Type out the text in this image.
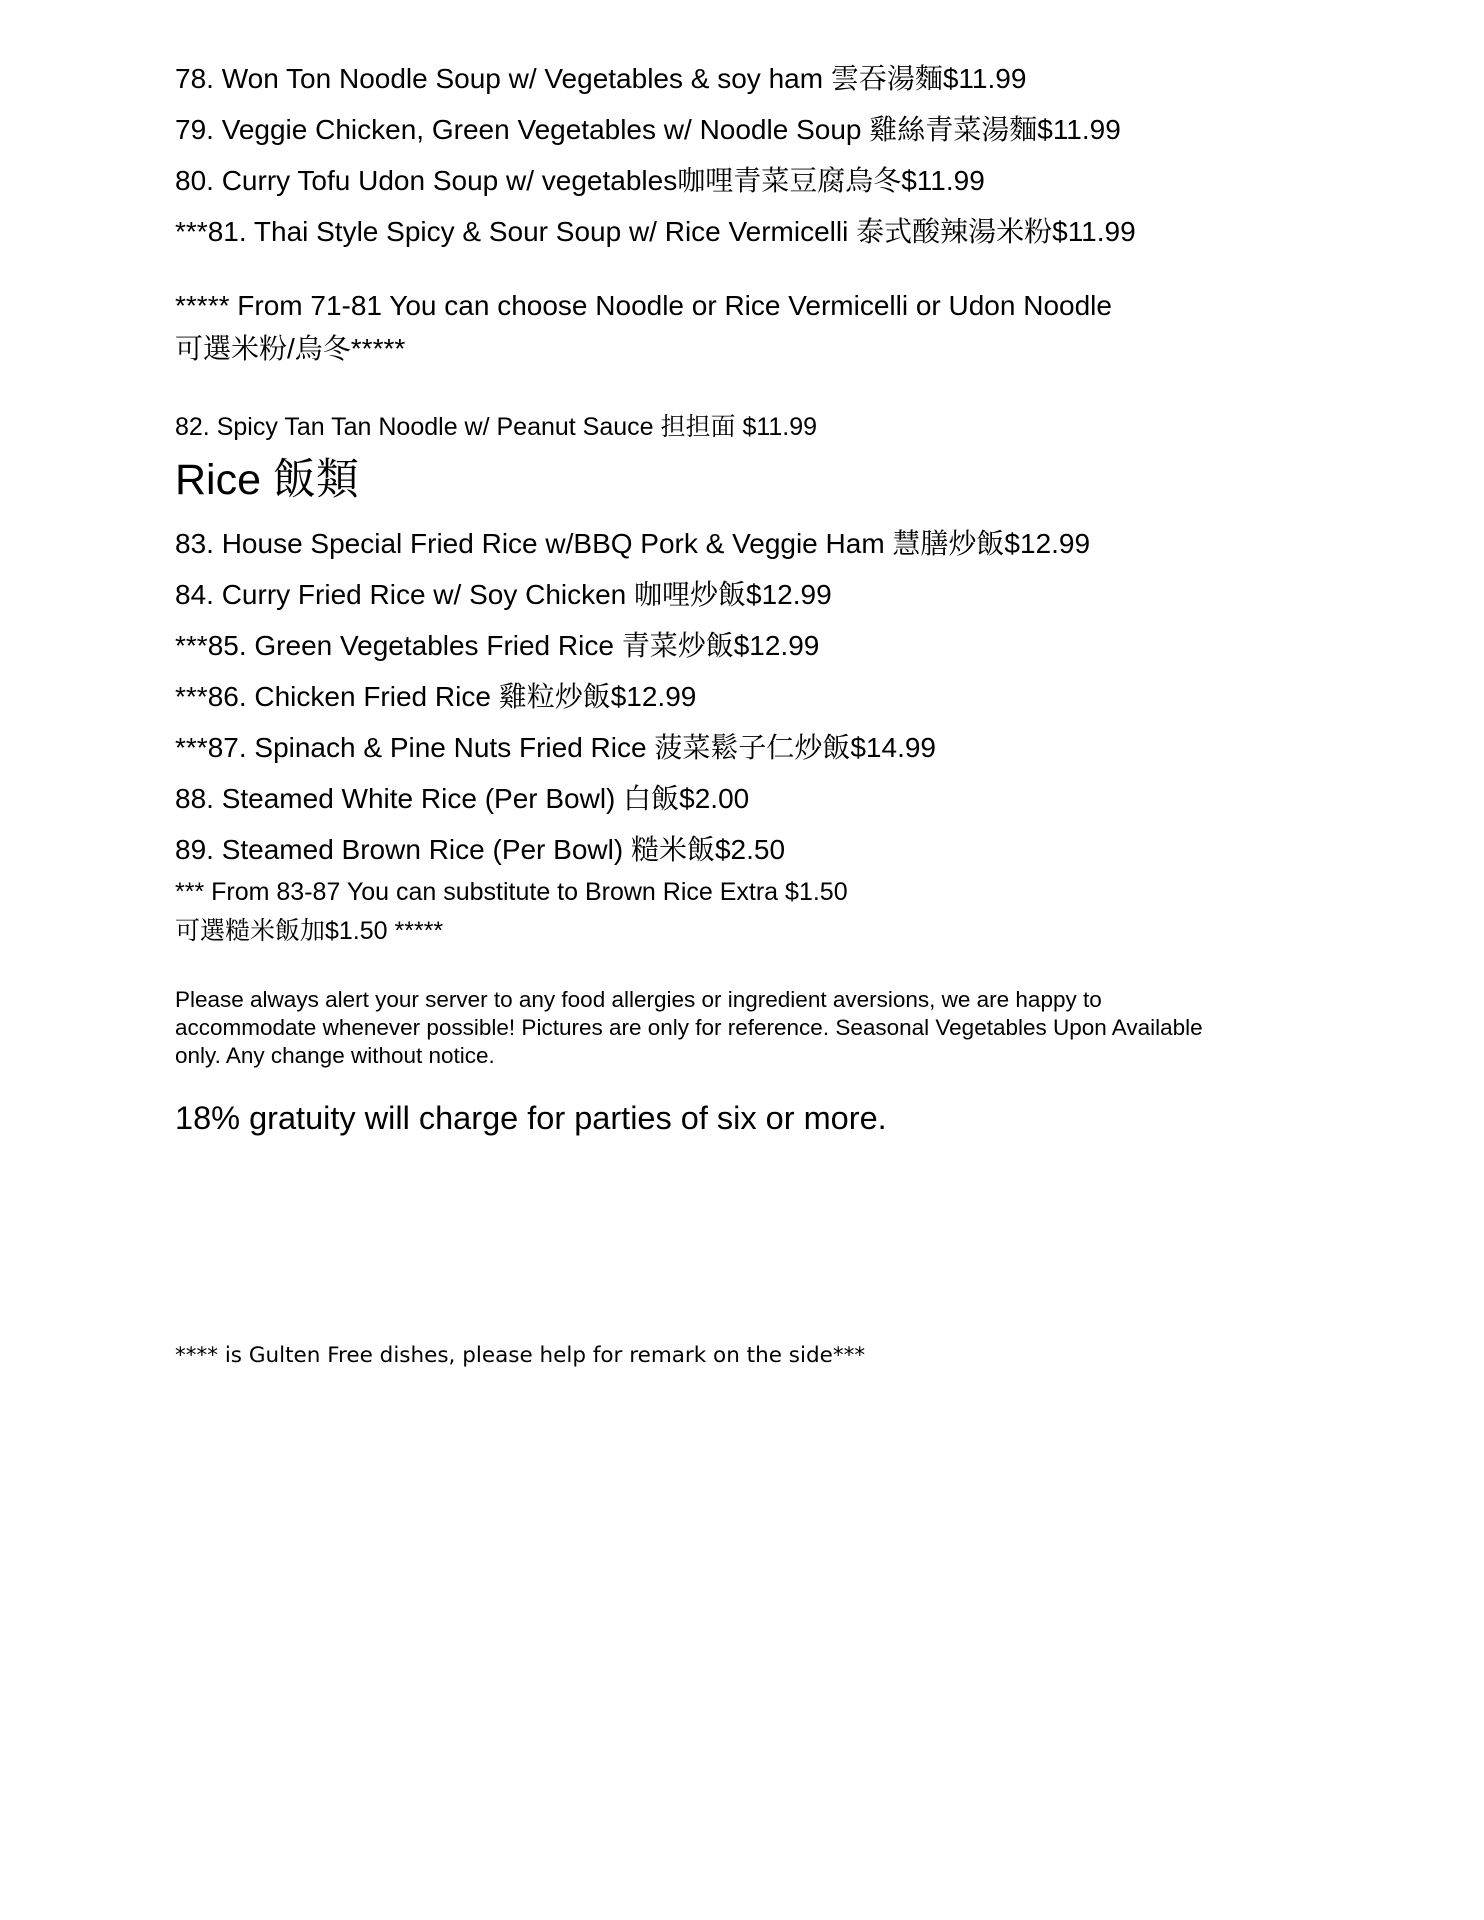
78. Won Ton Noodle Soup w/ Vegetables & soy ham 雲吞湯麵$11.99

79. Veggie Chicken, Green Vegetables w/ Noodle Soup 雞絲青菜湯麵$11.99

80. Curry Tofu Udon Soup w/ vegetables咖哩青菜豆腐烏冬$11.99

***81. Thai Style Spicy & Sour Soup w/ Rice Vermicelli 泰式酸辣湯米粉$11.99

***** From 71-81 You can choose Noodle or Rice Vermicelli or Udon Noodle

可選米粉/烏冬*****

82. Spicy Tan Tan Noodle w/ Peanut Sauce 担担面 $11.99

Rice 飯類

83. House Special Fried Rice w/BBQ Pork & Veggie Ham 慧膳炒飯$12.99

84. Curry Fried Rice w/ Soy Chicken 咖哩炒飯$12.99

***85. Green Vegetables Fried Rice 青菜炒飯$12.99

***86. Chicken Fried Rice 雞粒炒飯$12.99

***87. Spinach & Pine Nuts Fried Rice 菠菜鬆子仁炒飯$14.99

88. Steamed White Rice (Per Bowl) 白飯$2.00

89. Steamed Brown Rice (Per Bowl) 糙米飯$2.50

*** From 83-87 You can substitute to Brown Rice Extra $1.50

可選糙米飯加$1.50 *****

Please always alert your server to any food allergies or ingredient aversions, we are happy to

accommodate whenever possible! Pictures are only for reference. Seasonal Vegetables Upon Available

only. Any change without notice.

18% gratuity will charge for parties of six or more.

**** is Gulten Free dishes, please help for remark on the side***
